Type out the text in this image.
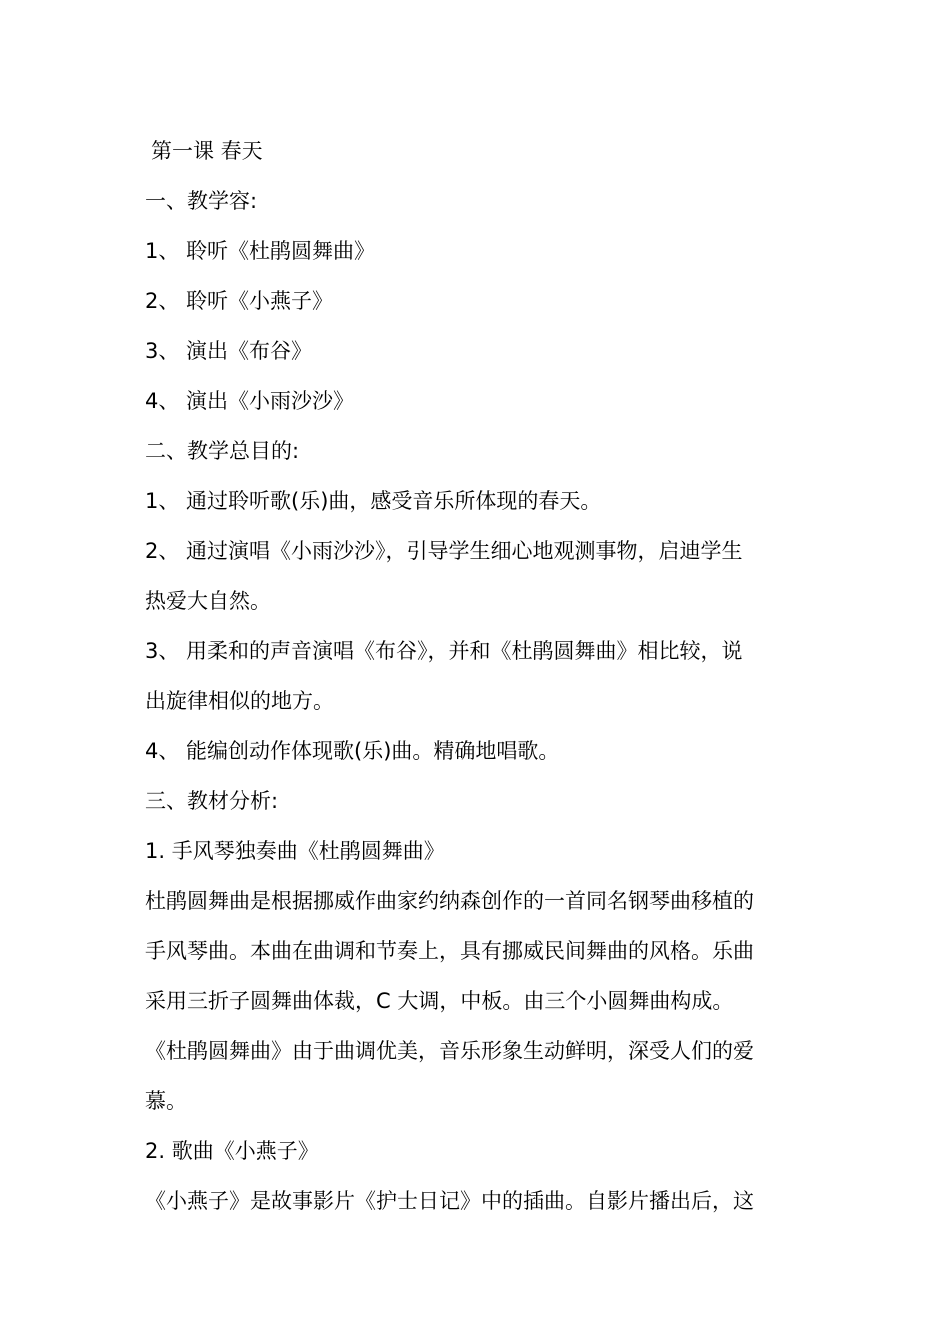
第一课 春天
一、教学容:
1、 聆听《杜鹃圆舞曲》
2、 聆听《小燕子》
3、 演出《布谷》
4、 演出《小雨沙沙》
二、教学总目的:
1、 通过聆听歌(乐)曲，感受音乐所体现的春天。
2、 通过演唱《小雨沙沙》，引导学生细心地观测事物，启迪学生
热爱大自然。
3、 用柔和的声音演唱《布谷》，并和《杜鹃圆舞曲》相比较，说
出旋律相似的地方。
4、 能编创动作体现歌(乐)曲。精确地唱歌。
三、教材分析:
1. 手风琴独奏曲《杜鹃圆舞曲》
杜鹃圆舞曲是根据挪威作曲家约纳森创作的一首同名钢琴曲移植的
手风琴曲。本曲在曲调和节奏上，具有挪威民间舞曲的风格。乐曲
采用三折子圆舞曲体裁，C 大调，中板。由三个小圆舞曲构成。
《杜鹃圆舞曲》由于曲调优美，音乐形象生动鲜明，深受人们的爱
慕。
2. 歌曲《小燕子》
《小燕子》是故事影片《护士日记》中的插曲。自影片播出后，这
